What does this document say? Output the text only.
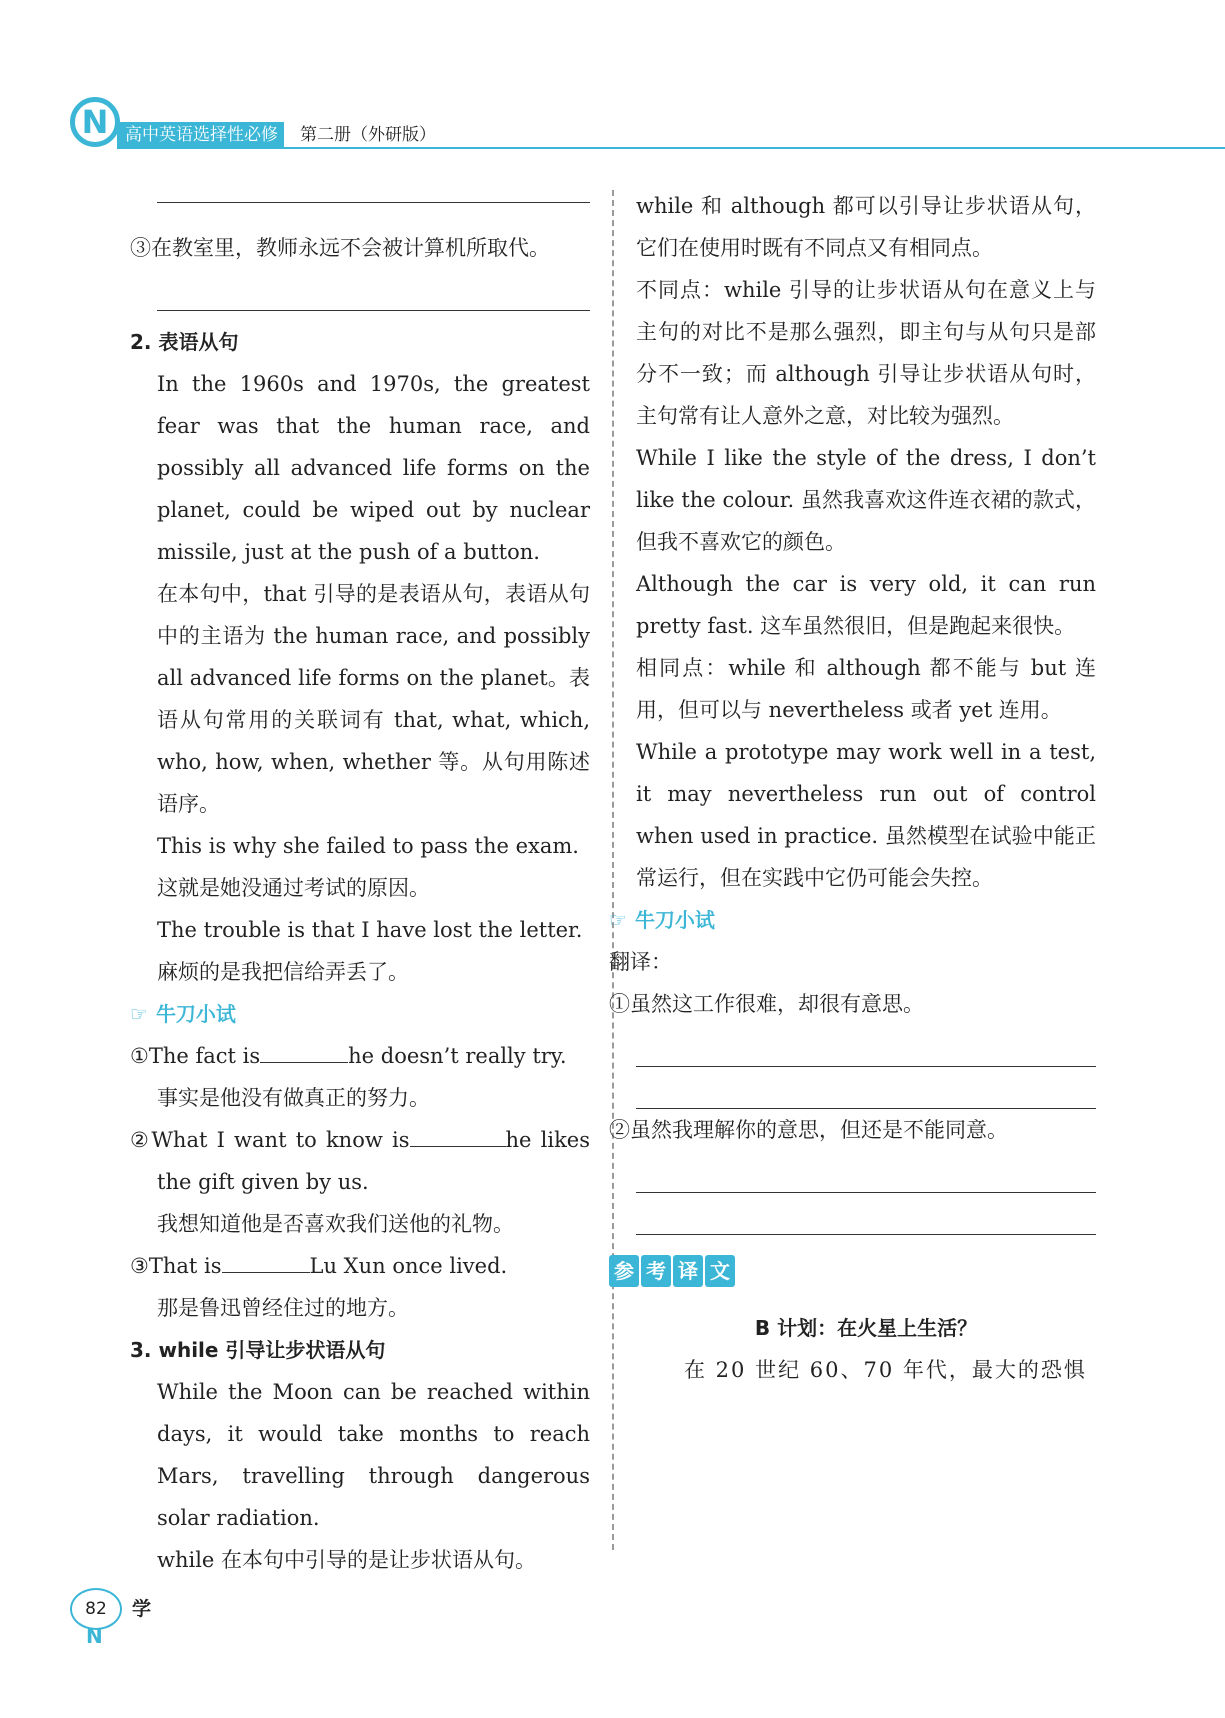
N 高中英语选择性必修	第二册（外研版）

③在教室里，教师永远不会被计算机所取代。

2. 表语从句

In the 1960s and 1970s, the greatest fear was that the human race, and possibly all advanced life forms on the planet, could be wiped out by nuclear missile, just at the push of a button.

在本句中，that 引导的是表语从句，表语从句中的主语为 the human race, and possibly all advanced life forms on the planet。表语从句常用的关联词有 that, what, which, who, how, when, whether 等。从句用陈述语序。

This is why she failed to pass the exam.

这就是她没通过考试的原因。

The trouble is that I have lost the letter.

麻烦的是我把信给弄丢了。

☞ 牛刀小试

①The fact is	he doesn’t really try.

事实是他没有做真正的努力。

②What I want to know is	he likes the gift given by us.

我想知道他是否喜欢我们送他的礼物。

③That is	Lu Xun once lived.

那是鲁迅曾经住过的地方。

3. while 引导让步状语从句

While the Moon can be reached within days, it would take months to reach Mars, travelling through dangerous solar radiation.

while 在本句中引导的是让步状语从句。

while 和 although 都可以引导让步状语从句，它们在使用时既有不同点又有相同点。

不同点：while 引导的让步状语从句在意义上与主句的对比不是那么强烈，即主句与从句只是部分不一致；而 although 引导让步状语从句时，主句常有让人意外之意，对比较为强烈。

While I like the style of the dress, I don’t like the colour. 虽然我喜欢这件连衣裙的款式，但我不喜欢它的颜色。

Although the car is very old, it can run pretty fast. 这车虽然很旧，但是跑起来很快。

相同点：while 和 although 都不能与 but 连用，但可以与 nevertheless 或者 yet 连用。

While a prototype may work well in a test, it may nevertheless run out of control when used in practice. 虽然模型在试验中能正常运行，但在实践中它仍可能会失控。

☞ 牛刀小试

翻译：

①虽然这工作很难，却很有意思。

②虽然我理解你的意思，但还是不能同意。

参 考 译 文

B 计划：在火星上生活？

在 20 世纪 60、70 年代，最大的恐惧

82	学
N
